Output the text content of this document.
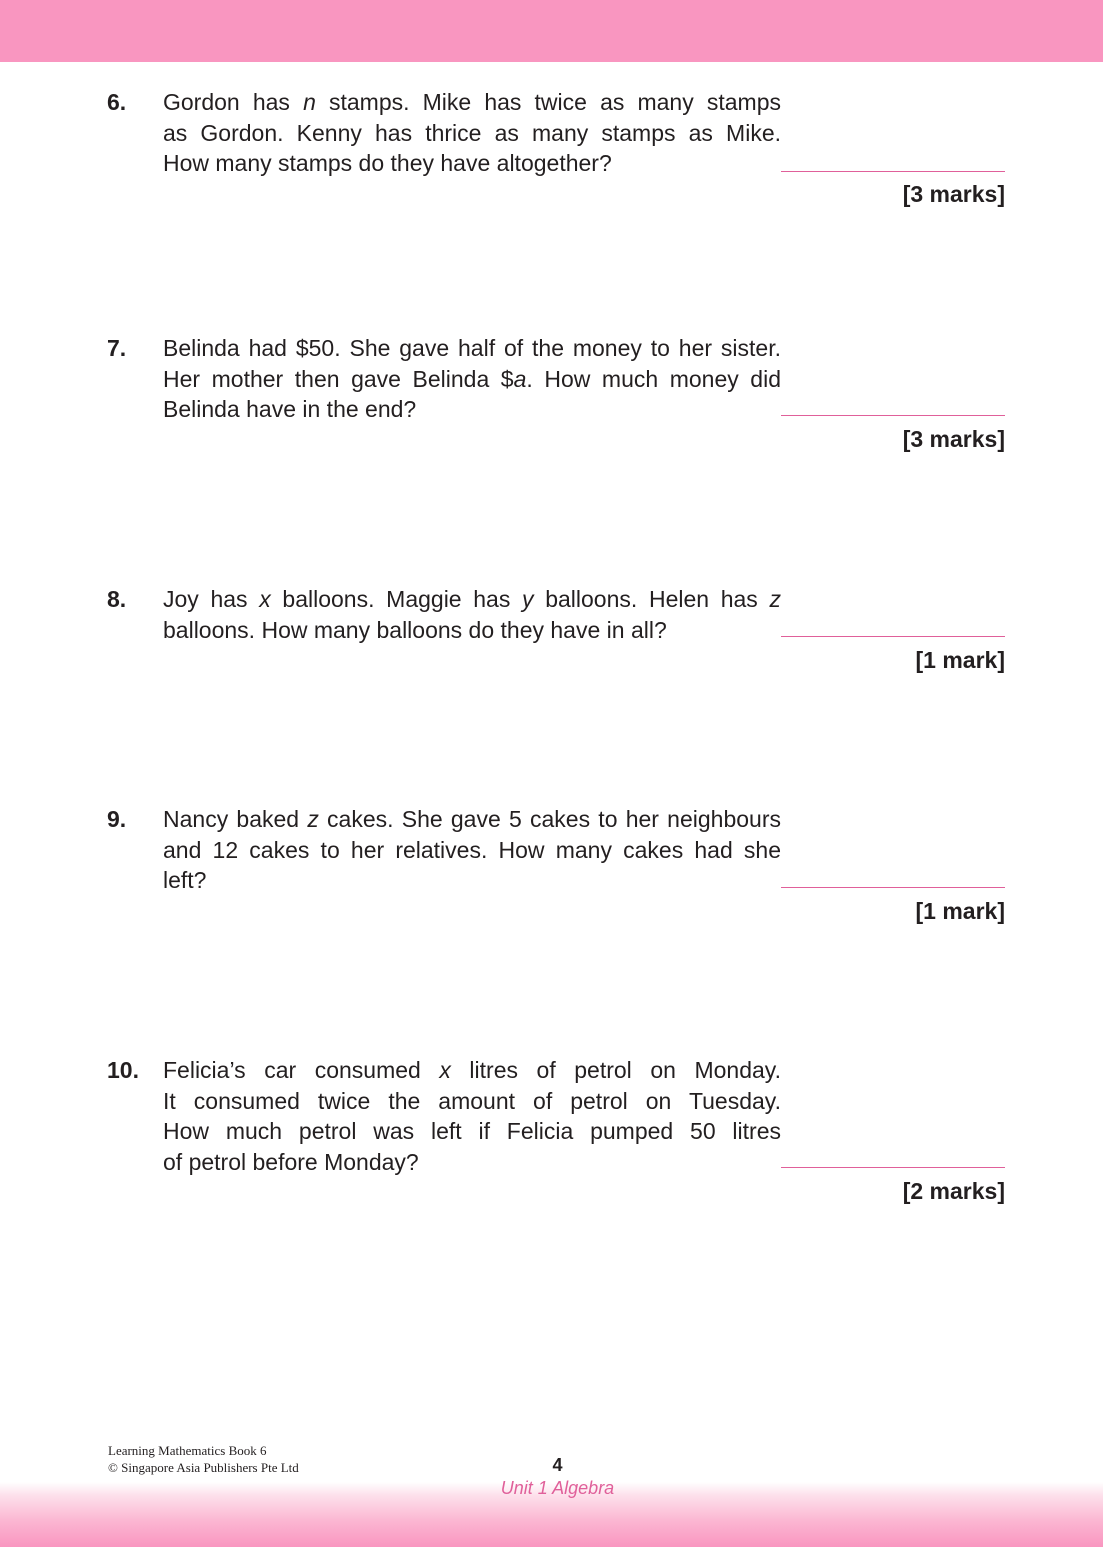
6. Gordon has n stamps. Mike has twice as many stamps
as Gordon. Kenny has thrice as many stamps as Mike.
How many stamps do they have altogether?
[3 marks]
7. Belinda had $50. She gave half of the money to her sister.
Her mother then gave Belinda $a. How much money did
Belinda have in the end?
[3 marks]
8. Joy has x balloons. Maggie has y balloons. Helen has z
balloons. How many balloons do they have in all?
[1 mark]
9. Nancy baked z cakes. She gave 5 cakes to her neighbours
and 12 cakes to her relatives. How many cakes had she
left?
[1 mark]
10. Felicia’s car consumed x litres of petrol on Monday.
It consumed twice the amount of petrol on Tuesday.
How much petrol was left if Felicia pumped 50 litres
of petrol before Monday?
[2 marks]
Learning Mathematics Book 6
© Singapore Asia Publishers Pte Ltd	4
Unit 1 Algebra
